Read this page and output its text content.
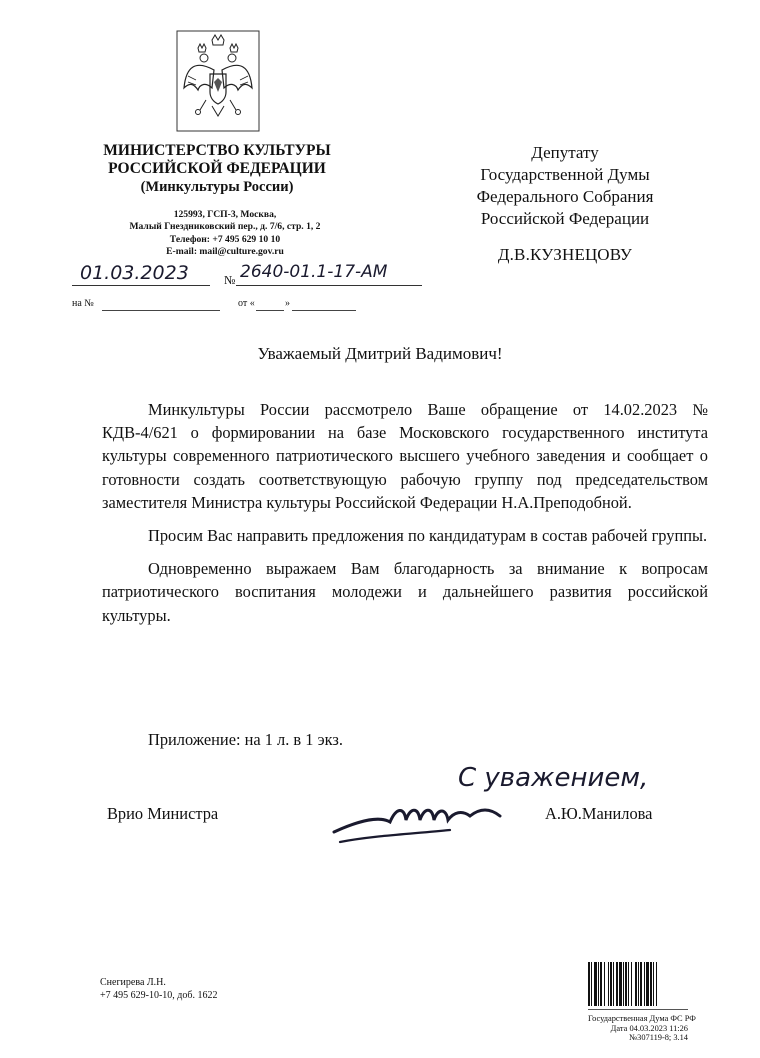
МИНИСТЕРСТВО КУЛЬТУРЫ
РОССИЙСКОЙ ФЕДЕРАЦИИ
(Минкультуры России)
125993, ГСП-3, Москва,
Малый Гнездниковский пер., д. 7/6, стр. 1, 2
Телефон: +7 495 629 10 10
E-mail: mail@culture.gov.ru
01.03.2023	№ 2640-01.1-17-АМ
на №	от «	»
Депутату
Государственной Думы
Федерального Собрания
Российской Федерации
Д.В.КУЗНЕЦОВУ
Уважаемый Дмитрий Вадимович!

Минкультуры России рассмотрело Ваше обращение от 14.02.2023 № КДВ-4/621 о формировании на базе Московского государственного института культуры современного патриотического высшего учебного заведения и сообщает о готовности создать соответствующую рабочую группу под председательством заместителя Министра культуры Российской Федерации Н.А.Преподобной.

Просим Вас направить предложения по кандидатурам в состав рабочей группы.

Одновременно выражаем Вам благодарность за внимание к вопросам патриотического воспитания молодежи и дальнейшего развития российской культуры.

Приложение: на 1 л. в 1 экз.
С уважением,
Врио Министра	А.Ю.Манилова
Снегирева Л.Н.
+7 495 629-10-10, доб. 1622
Государственная Дума ФС РФ
Дата 04.03.2023 11:26
№307119-8; 3.14
